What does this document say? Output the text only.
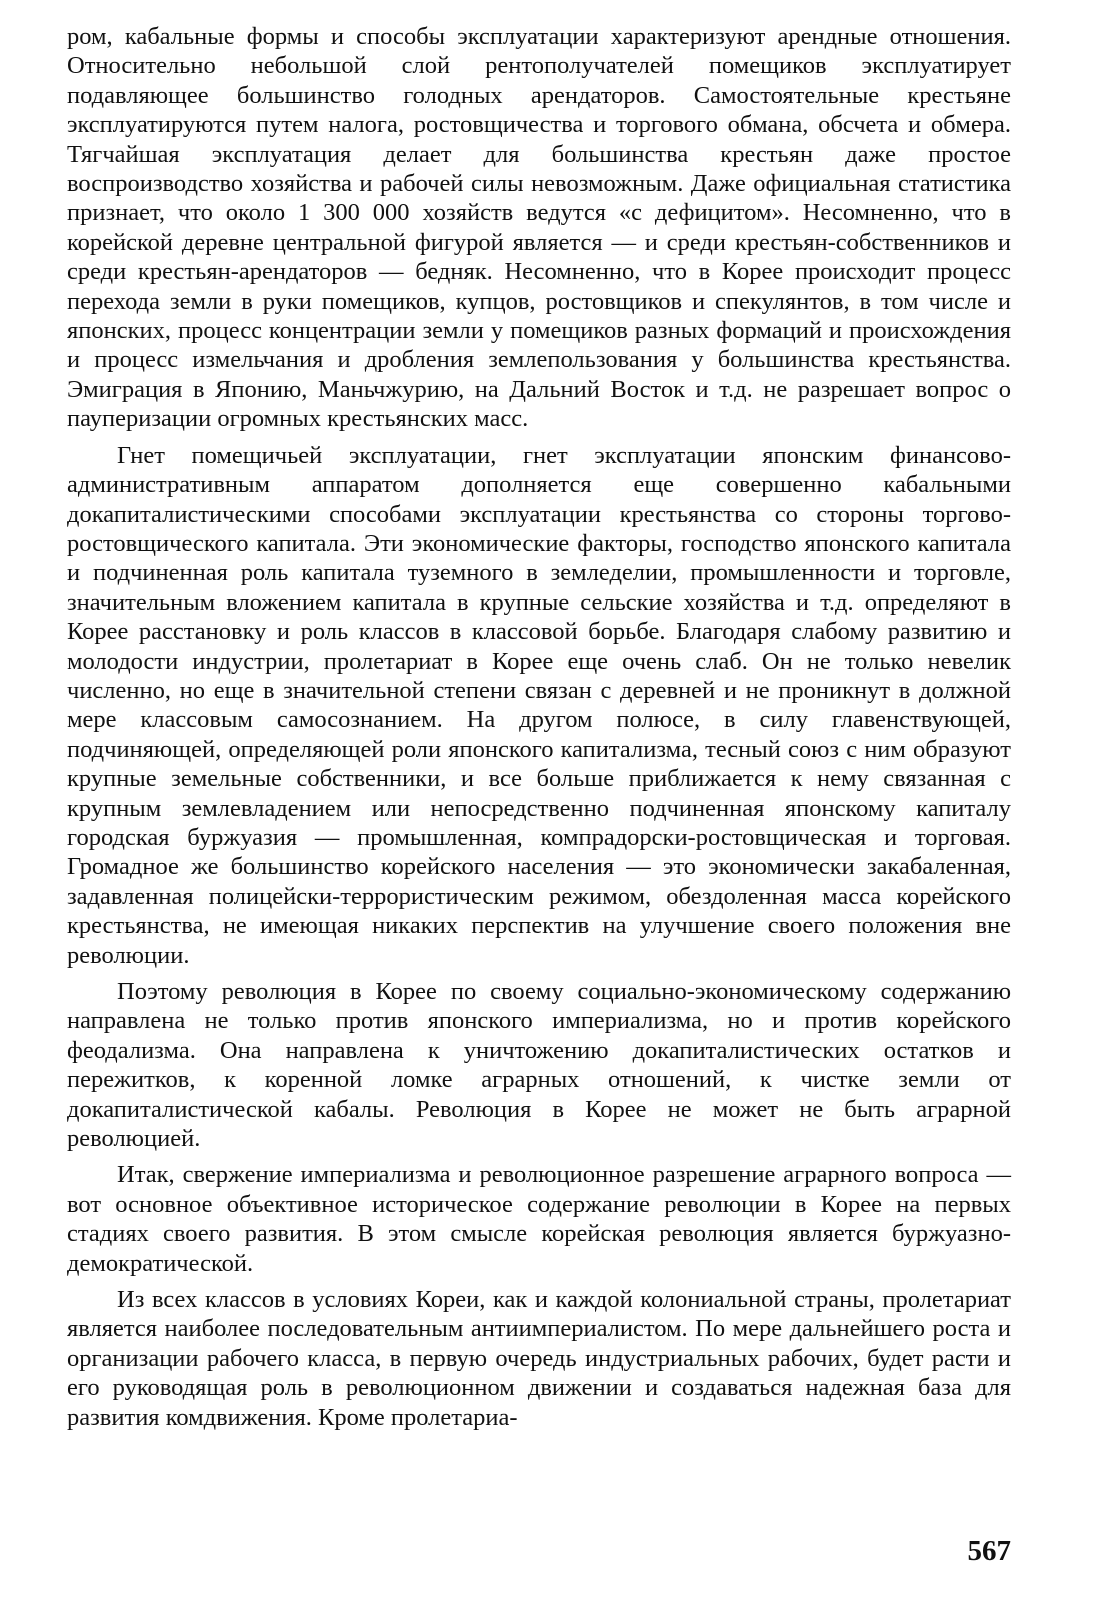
ром, кабальные формы и способы эксплуатации характеризуют арендные отношения. Относительно небольшой слой рентополучателей помещиков эксплуатирует подавляющее большинство голодных арендаторов. Самостоятельные крестьяне эксплуатируются путем налога, ростовщичества и торгового обмана, обсчета и обмера. Тягчайшая эксплуатация делает для большинства крестьян даже простое воспроизводство хозяйства и рабочей силы невозможным. Даже официальная статистика признает, что около 1 300 000 хозяйств ведутся «с дефицитом». Несомненно, что в корейской деревне центральной фигурой является — и среди крестьян-собственников и среди крестьян-арендаторов — бедняк. Несомненно, что в Корее происходит процесс перехода земли в руки помещиков, купцов, ростовщиков и спекулянтов, в том числе и японских, процесс концентрации земли у помещиков разных формаций и происхождения и процесс измельчания и дробления землепользования у большинства крестьянства. Эмиграция в Японию, Маньчжурию, на Дальний Восток и т.д. не разрешает вопрос о пауперизации огромных крестьянских масс.

Гнет помещичьей эксплуатации, гнет эксплуатации японским финансово-административным аппаратом дополняется еще совершенно кабальными докапиталистическими способами эксплуатации крестьянства со стороны торгово-ростовщического капитала. Эти экономические факторы, господство японского капитала и подчиненная роль капитала туземного в земледелии, промышленности и торговле, значительным вложением капитала в крупные сельские хозяйства и т.д. определяют в Корее расстановку и роль классов в классовой борьбе. Благодаря слабому развитию и молодости индустрии, пролетариат в Корее еще очень слаб. Он не только невелик численно, но еще в значительной степени связан с деревней и не проникнут в должной мере классовым самосознанием. На другом полюсе, в силу главенствующей, подчиняющей, определяющей роли японского капитализма, тесный союз с ним образуют крупные земельные собственники, и все больше приближается к нему связанная с крупным землевладением или непосредственно подчиненная японскому капиталу городская буржуазия — промышленная, компрадорски-ростовщическая и торговая. Громадное же большинство корейского населения — это экономически закабаленная, задавленная полицейски-террористическим режимом, обездоленная масса корейского крестьянства, не имеющая никаких перспектив на улучшение своего положения вне революции.

Поэтому революция в Корее по своему социально-экономическому содержанию направлена не только против японского империализма, но и против корейского феодализма. Она направлена к уничтожению докапиталистических остатков и пережитков, к коренной ломке аграрных отношений, к чистке земли от докапиталистической кабалы. Революция в Корее не может не быть аграрной революцией.

Итак, свержение империализма и революционное разрешение аграрного вопроса — вот основное объективное историческое содержание революции в Корее на первых стадиях своего развития. В этом смысле корейская революция является буржуазно-демократической.

Из всех классов в условиях Кореи, как и каждой колониальной страны, пролетариат является наиболее последовательным антиимпериалистом. По мере дальнейшего роста и организации рабочего класса, в первую очередь индустриальных рабочих, будет расти и его руководящая роль в революционном движении и создаваться надежная база для развития комдвижения. Кроме пролетариа-

567
